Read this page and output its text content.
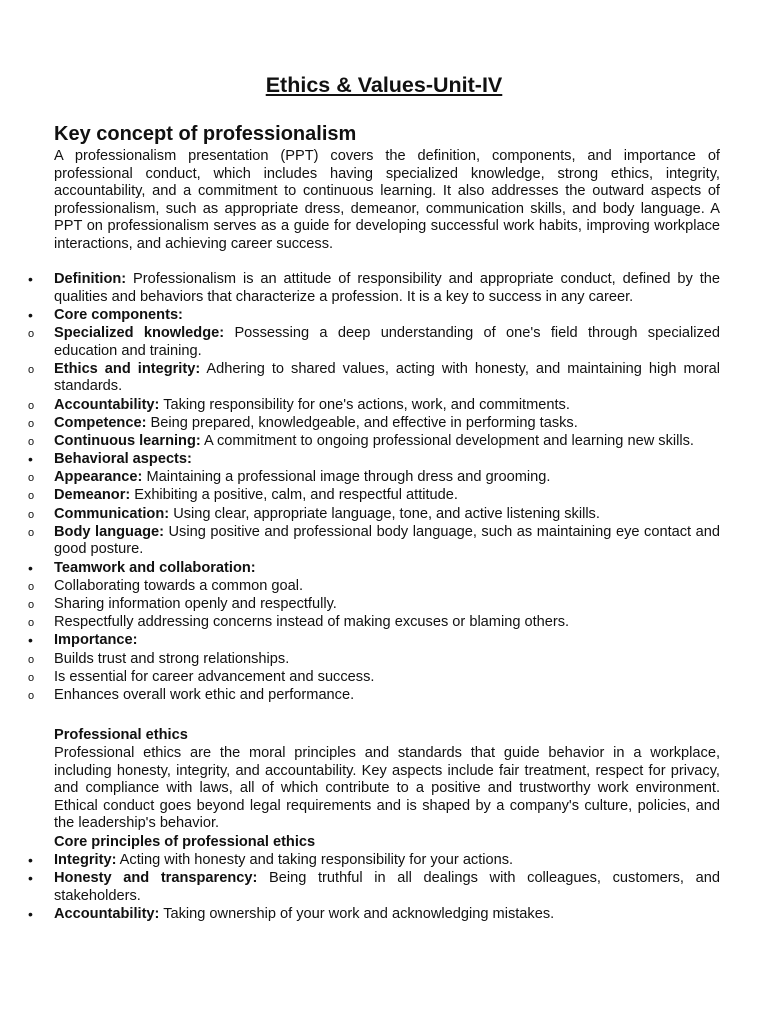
Ethics & Values-Unit-IV
Key concept of professionalism

A professionalism presentation (PPT) covers the definition, components, and importance of professional conduct, which includes having specialized knowledge, strong ethics, integrity, accountability, and a commitment to continuous learning. It also addresses the outward aspects of professionalism, such as appropriate dress, demeanor, communication skills, and body language. A PPT on professionalism serves as a guide for developing successful work habits, improving workplace interactions, and achieving career success.

•	Definition: Professionalism is an attitude of responsibility and appropriate conduct, defined by the qualities and behaviors that characterize a profession. It is a key to success in any career.
•	Core components:
o	Specialized knowledge: Possessing a deep understanding of one's field through specialized education and training.
o	Ethics and integrity: Adhering to shared values, acting with honesty, and maintaining high moral standards.
o	Accountability: Taking responsibility for one's actions, work, and commitments.
o	Competence: Being prepared, knowledgeable, and effective in performing tasks.
o	Continuous learning: A commitment to ongoing professional development and learning new skills.
•	Behavioral aspects:
o	Appearance: Maintaining a professional image through dress and grooming.
o	Demeanor: Exhibiting a positive, calm, and respectful attitude.
o	Communication: Using clear, appropriate language, tone, and active listening skills.
o	Body language: Using positive and professional body language, such as maintaining eye contact and good posture.
•	Teamwork and collaboration:
o	Collaborating towards a common goal.
o	Sharing information openly and respectfully.
o	Respectfully addressing concerns instead of making excuses or blaming others.
•	Importance:
o	Builds trust and strong relationships.
o	Is essential for career advancement and success.
o	Enhances overall work ethic and performance.

Professional ethics

Professional ethics are the moral principles and standards that guide behavior in a workplace, including honesty, integrity, and accountability. Key aspects include fair treatment, respect for privacy, and compliance with laws, all of which contribute to a positive and trustworthy work environment. Ethical conduct goes beyond legal requirements and is shaped by a company's culture, policies, and the leadership's behavior.

Core principles of professional ethics

•	Integrity: Acting with honesty and taking responsibility for your actions.
•	Honesty and transparency: Being truthful in all dealings with colleagues, customers, and stakeholders.
•	Accountability: Taking ownership of your work and acknowledging mistakes.
